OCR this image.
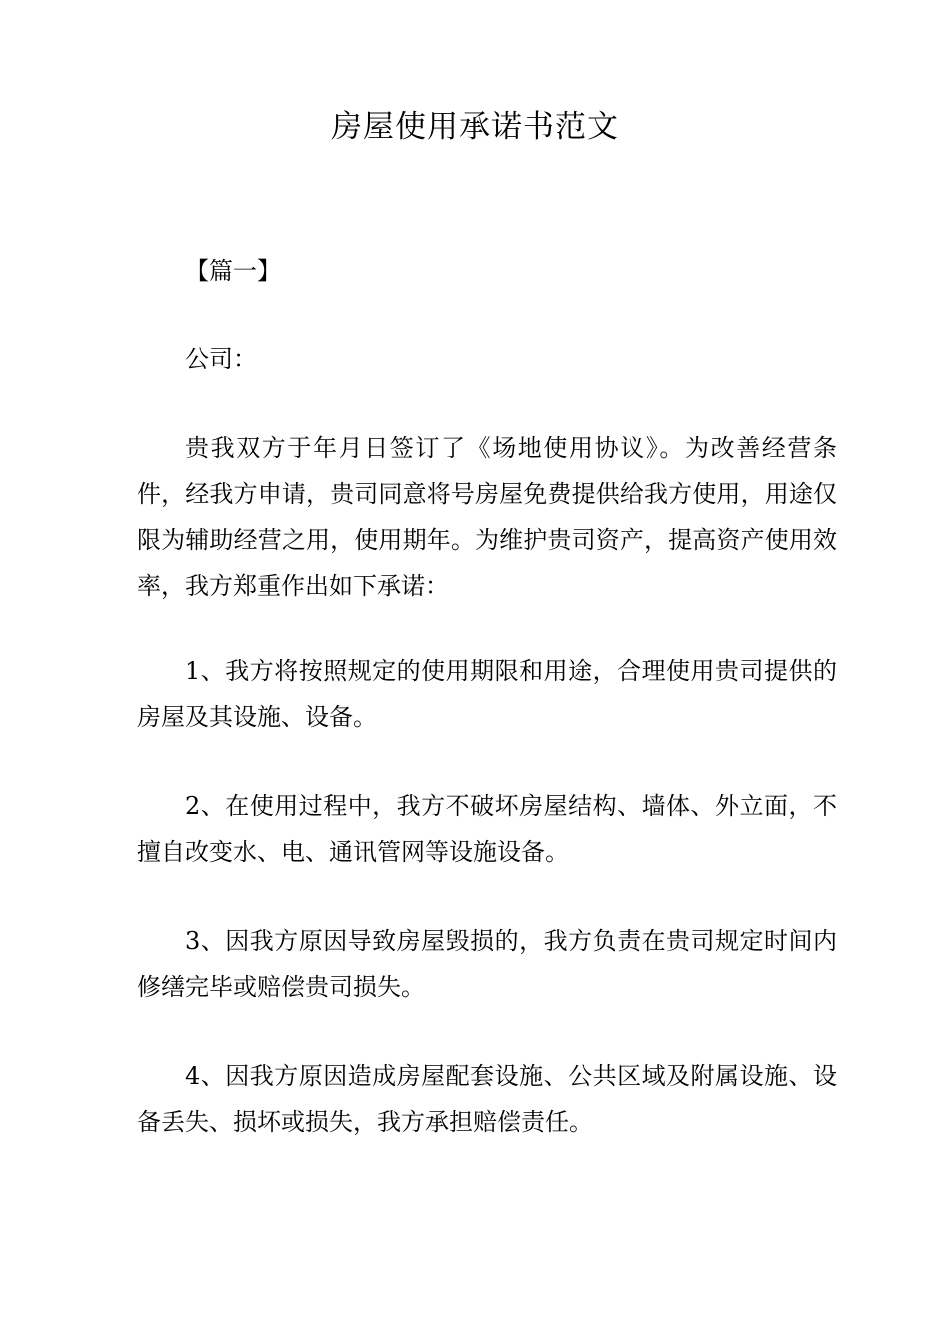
房屋使用承诺书范文

【篇一】

公司：

贵我双方于年月日签订了《场地使用协议》。为改善经营条件，经我方申请，贵司同意将号房屋免费提供给我方使用，用途仅限为辅助经营之用，使用期年。为维护贵司资产，提高资产使用效率，我方郑重作出如下承诺：

1、我方将按照规定的使用期限和用途，合理使用贵司提供的房屋及其设施、设备。

2、在使用过程中，我方不破坏房屋结构、墙体、外立面，不擅自改变水、电、通讯管网等设施设备。

3、因我方原因导致房屋毁损的，我方负责在贵司规定时间内修缮完毕或赔偿贵司损失。

4、因我方原因造成房屋配套设施、公共区域及附属设施、设备丢失、损坏或损失，我方承担赔偿责任。
